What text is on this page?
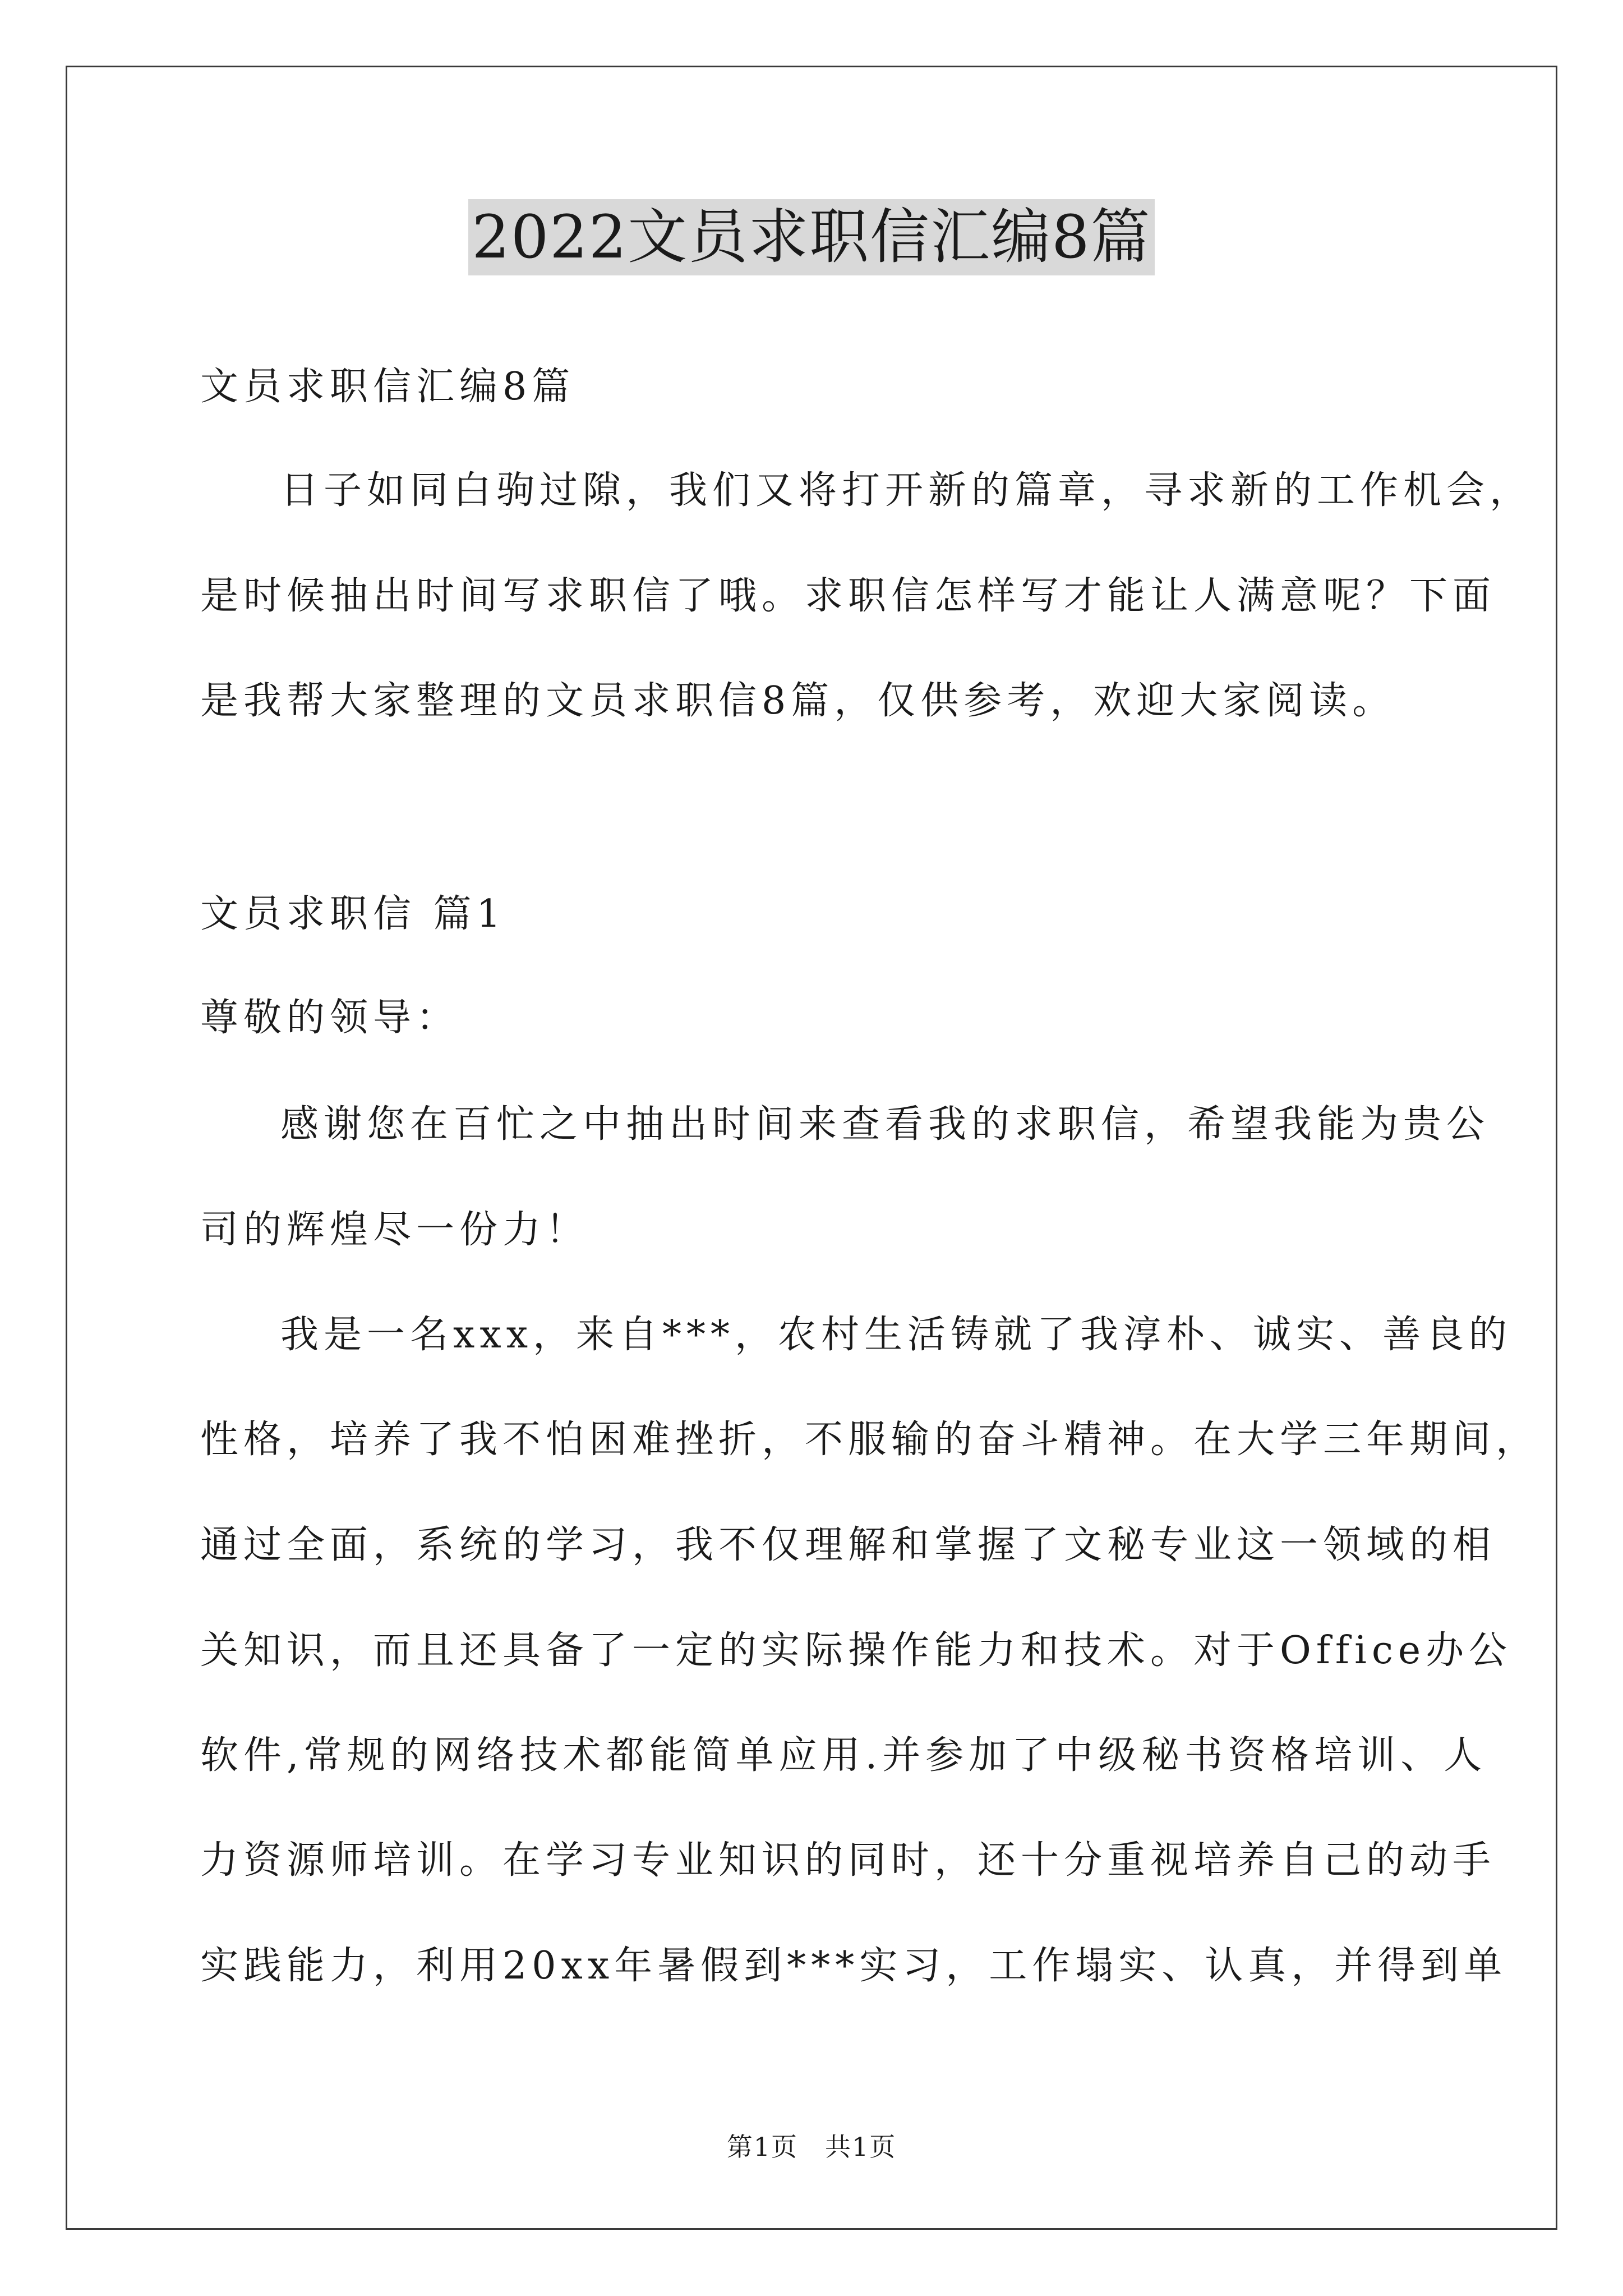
2022文员求职信汇编8篇
文员求职信汇编8篇
日子如同白驹过隙，我们又将打开新的篇章，寻求新的工作机会，
是时候抽出时间写求职信了哦。求职信怎样写才能让人满意呢？下面
是我帮大家整理的文员求职信8篇，仅供参考，欢迎大家阅读。
文员求职信 篇1
尊敬的领导：
感谢您在百忙之中抽出时间来查看我的求职信，希望我能为贵公
司的辉煌尽一份力！
我是一名xxx，来自***，农村生活铸就了我淳朴、诚实、善良的
性格，培养了我不怕困难挫折，不服输的奋斗精神。在大学三年期间，
通过全面，系统的学习，我不仅理解和掌握了文秘专业这一领域的相
关知识，而且还具备了一定的实际操作能力和技术。对于Office办公
软件,常规的网络技术都能简单应用.并参加了中级秘书资格培训、人
力资源师培训。在学习专业知识的同时，还十分重视培养自己的动手
实践能力，利用20xx年暑假到***实习，工作塌实、认真，并得到单
第1页　共1页
